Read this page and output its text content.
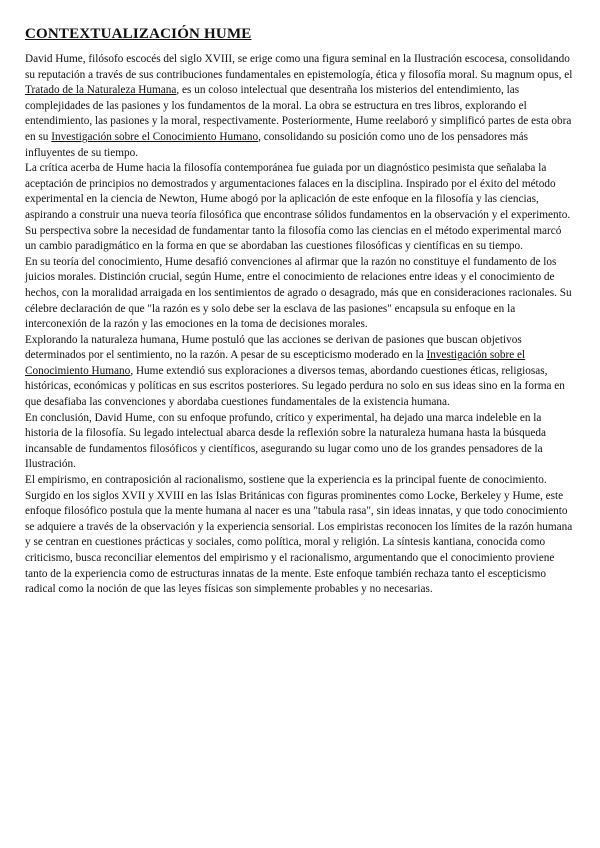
CONTEXTUALIZACIÓN HUME

David Hume, filósofo escocés del siglo XVIII, se erige como una figura seminal en la Ilustración escocesa, consolidando su reputación a través de sus contribuciones fundamentales en epistemología, ética y filosofía moral. Su magnum opus, el Tratado de la Naturaleza Humana, es un coloso intelectual que desentraña los misterios del entendimiento, las complejidades de las pasiones y los fundamentos de la moral. La obra se estructura en tres libros, explorando el entendimiento, las pasiones y la moral, respectivamente. Posteriormente, Hume reelaboró y simplificó partes de esta obra en su Investigación sobre el Conocimiento Humano, consolidando su posición como uno de los pensadores más influyentes de su tiempo.

La crítica acerba de Hume hacia la filosofía contemporánea fue guiada por un diagnóstico pesimista que señalaba la aceptación de principios no demostrados y argumentaciones falaces en la disciplina. Inspirado por el éxito del método experimental en la ciencia de Newton, Hume abogó por la aplicación de este enfoque en la filosofía y las ciencias, aspirando a construir una nueva teoría filosófica que encontrase sólidos fundamentos en la observación y el experimento. Su perspectiva sobre la necesidad de fundamentar tanto la filosofía como las ciencias en el método experimental marcó un cambio paradigmático en la forma en que se abordaban las cuestiones filosóficas y científicas en su tiempo.

En su teoría del conocimiento, Hume desafió convenciones al afirmar que la razón no constituye el fundamento de los juicios morales. Distinción crucial, según Hume, entre el conocimiento de relaciones entre ideas y el conocimiento de hechos, con la moralidad arraigada en los sentimientos de agrado o desagrado, más que en consideraciones racionales. Su célebre declaración de que "la razón es y solo debe ser la esclava de las pasiones" encapsula su enfoque en la interconexión de la razón y las emociones en la toma de decisiones morales.

Explorando la naturaleza humana, Hume postuló que las acciones se derivan de pasiones que buscan objetivos determinados por el sentimiento, no la razón. A pesar de su escepticismo moderado en la Investigación sobre el Conocimiento Humano, Hume extendió sus exploraciones a diversos temas, abordando cuestiones éticas, religiosas, históricas, económicas y políticas en sus escritos posteriores. Su legado perdura no solo en sus ideas sino en la forma en que desafiaba las convenciones y abordaba cuestiones fundamentales de la existencia humana.

En conclusión, David Hume, con su enfoque profundo, crítico y experimental, ha dejado una marca indeleble en la historia de la filosofía. Su legado intelectual abarca desde la reflexión sobre la naturaleza humana hasta la búsqueda incansable de fundamentos filosóficos y científicos, asegurando su lugar como uno de los grandes pensadores de la Ilustración.

El empirismo, en contraposición al racionalismo, sostiene que la experiencia es la principal fuente de conocimiento. Surgido en los siglos XVII y XVIII en las Islas Británicas con figuras prominentes como Locke, Berkeley y Hume, este enfoque filosófico postula que la mente humana al nacer es una "tabula rasa", sin ideas innatas, y que todo conocimiento se adquiere a través de la observación y la experiencia sensorial. Los empiristas reconocen los límites de la razón humana y se centran en cuestiones prácticas y sociales, como política, moral y religión. La síntesis kantiana, conocida como criticismo, busca reconciliar elementos del empirismo y el racionalismo, argumentando que el conocimiento proviene tanto de la experiencia como de estructuras innatas de la mente. Este enfoque también rechaza tanto el escepticismo radical como la noción de que las leyes físicas son simplemente probables y no necesarias.
